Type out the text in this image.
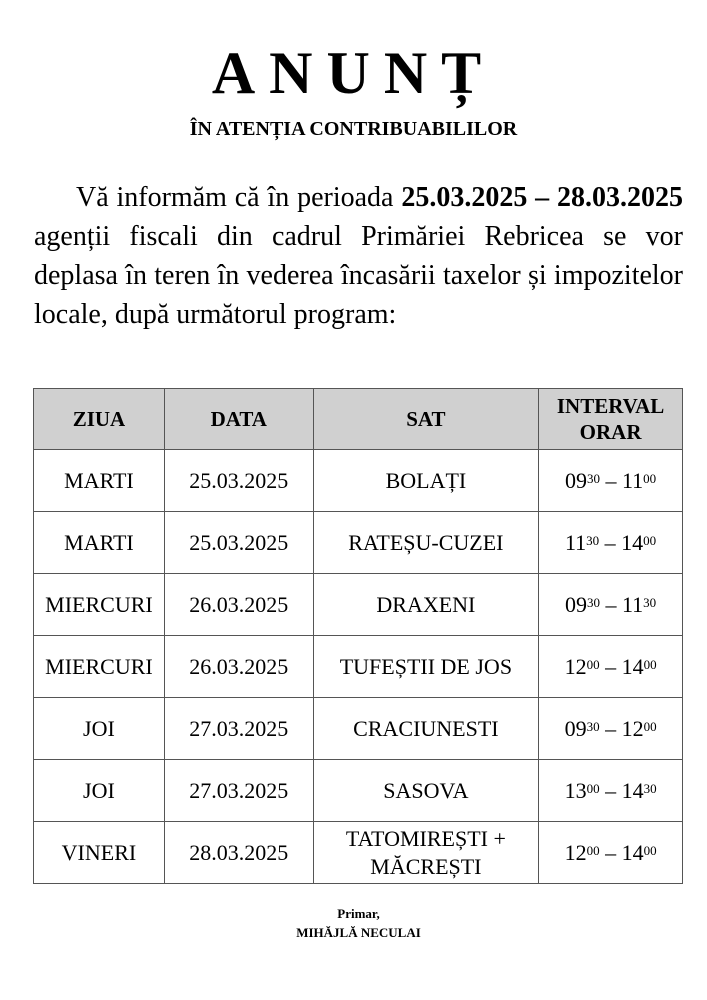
ANUNȚ
ÎN ATENȚIA CONTRIBUABILILOR
Vă informăm că în perioada 25.03.2025 – 28.03.2025 agenții fiscali din cadrul Primăriei Rebricea se vor deplasa în teren în vederea încasării taxelor și impozitelor locale, după următorul program:
ZIUA	DATA	SAT	INTERVAL ORAR
MARTI	25.03.2025	BOLAȚI	$09^{30} - 11^{00}$
MARTI	25.03.2025	RATEȘU-CUZEI	$11^{30} - 14^{00}$
MIERCURI	26.03.2025	DRAXENI	$09^{30} - 11^{30}$
MIERCURI	26.03.2025	TUFEȘTII DE JOS	$12^{00} - 14^{00}$
JOI	27.03.2025	CRACIUNESTI	$09^{30} - 12^{00}$
JOI	27.03.2025	SASOVA	$13^{00} - 14^{30}$
VINERI	28.03.2025	TATOMIREȘTI + MĂCREȘTI	$12^{00} - 14^{00}$
Primar,
MIHĂJLĂ NECULAI
